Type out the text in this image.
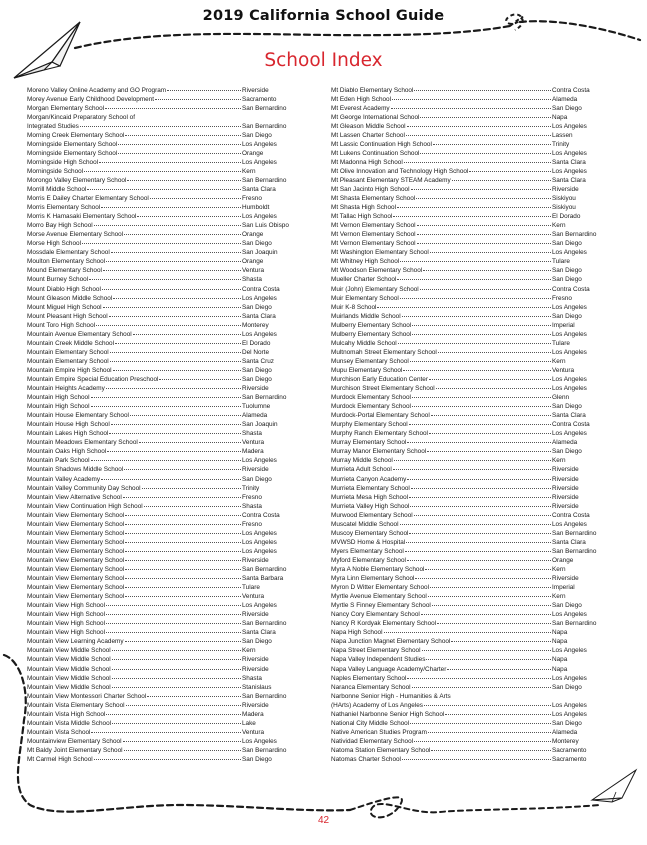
2019 California School Guide
School Index
Moreno Valley Online Academy and GO Program	Riverside
Morey Avenue Early Childhood Development	Sacramento
Morgan Elementary School	San Bernardino
Morgan/Kincaid Preparatory School of
Integrated Studies	San Bernardino
Morning Creek Elementary School	San Diego
Morningside Elementary School	Los Angeles
Morningside Elementary School	Orange
Morningside High School	Los Angeles
Morningside School	Kern
Morongo Valley Elementary School	San Bernardino
Morrill Middle School	Santa Clara
Morris E Dailey Charter Elementary School	Fresno
Morris Elementary School	Humboldt
Morris K Hamasaki Elementary School	Los Angeles
Morro Bay High School	San Luis Obispo
Morse Avenue Elementary School	Orange
Morse High School	San Diego
Mossdale Elementary School	San Joaquin
Moulton Elementary School	Orange
Mound Elementary School	Ventura
Mount Burney School	Shasta
Mount Diablo High School	Contra Costa
Mount Gleason Middle School	Los Angeles
Mount Miguel High School	San Diego
Mount Pleasant High School	Santa Clara
Mount Toro High School	Monterey
Mountain Avenue Elementary School	Los Angeles
Mountain Creek Middle School	El Dorado
Mountain Elementary School	Del Norte
Mountain Elementary School	Santa Cruz
Mountain Empire High School	San Diego
Mountain Empire Special Education Preschool	San Diego
Mountain Heights Academy	Riverside
Mountain High School	San Bernardino
Mountain High School	Tuolumne
Mountain House Elementary School	Alameda
Mountain House High School	San Joaquin
Mountain Lakes High School	Shasta
Mountain Meadows Elementary School	Ventura
Mountain Oaks High School	Madera
Mountain Park School	Los Angeles
Mountain Shadows Middle School	Riverside
Mountain Valley Academy	San Diego
Mountain Valley Community Day School	Trinity
Mountain View Alternative School	Fresno
Mountain View Continuation High School	Shasta
Mountain View Elementary School	Contra Costa
Mountain View Elementary School	Fresno
Mountain View Elementary School	Los Angeles
Mountain View Elementary School	Los Angeles
Mountain View Elementary School	Los Angeles
Mountain View Elementary School	Riverside
Mountain View Elementary School	San Bernardino
Mountain View Elementary School	Santa Barbara
Mountain View Elementary School	Tulare
Mountain View Elementary School	Ventura
Mountain View High School	Los Angeles
Mountain View High School	Riverside
Mountain View High School	San Bernardino
Mountain View High School	Santa Clara
Mountain View Learning Academy	San Diego
Mountain View Middle School	Kern
Mountain View Middle School	Riverside
Mountain View Middle School	Riverside
Mountain View Middle School	Shasta
Mountain View Middle School	Stanislaus
Mountain View Montessori Charter School	San Bernardino
Mountain Vista Elementary School	Riverside
Mountain Vista High School	Madera
Mountain Vista Middle School	Lake
Mountain Vista School	Ventura
Mountainview Elementary School	Los Angeles
Mt Baldy Joint Elementary School	San Bernardino
Mt Carmel High School	San Diego
Mt Diablo Elementary School	Contra Costa
Mt Eden High School	Alameda
Mt Everest Academy	San Diego
Mt George International School	Napa
Mt Gleason Middle School	Los Angeles
Mt Lassen Charter School	Lassen
Mt Lassic Continuation High School	Trinity
Mt Lukens Continuation School	Los Angeles
Mt Madonna High School	Santa Clara
Mt Olive Innovation and Technology High School	Los Angeles
Mt Pleasant Elementary STEAM Academy	Santa Clara
Mt San Jacinto High School	Riverside
Mt Shasta Elementary School	Siskiyou
Mt Shasta High School	Siskiyou
Mt Tallac High School	El Dorado
Mt Vernon Elementary School	Kern
Mt Vernon Elementary School	San Bernardino
Mt Vernon Elementary School	San Diego
Mt Washington Elementary School	Los Angeles
Mt Whitney High School	Tulare
Mt Woodson Elementary School	San Diego
Mueller Charter School	San Diego
Muir (John) Elementary School	Contra Costa
Muir Elementary School	Fresno
Muir K-8 School	Los Angeles
Muirlands Middle School	San Diego
Mulberry Elementary School	Imperial
Mulberry Elementary School	Los Angeles
Mulcahy Middle School	Tulare
Multnomah Street Elementary School	Los Angeles
Munsey Elementary School	Kern
Mupu Elementary School	Ventura
Murchison Early Education Center	Los Angeles
Murchison Street Elementary School	Los Angeles
Murdock Elementary School	Glenn
Murdock Elementary School	San Diego
Murdock-Portal Elementary School	Santa Clara
Murphy Elementary School	Contra Costa
Murphy Ranch Elementary School	Los Angeles
Murray Elementary School	Alameda
Murray Manor Elementary School	San Diego
Murray Middle School	Kern
Murrieta Adult School	Riverside
Murrieta Canyon Academy	Riverside
Murrieta Elementary School	Riverside
Murrieta Mesa High School	Riverside
Murrieta Valley High School	Riverside
Murwood Elementary School	Contra Costa
Muscatel Middle School	Los Angeles
Muscoy Elementary School	San Bernardino
MVWSD Home & Hospital	Santa Clara
Myers Elementary School	San Bernardino
Myford Elementary School	Orange
Myra A Noble Elementary School	Kern
Myra Linn Elementary School	Riverside
Myron D Witter Elementary School	Imperial
Myrtle Avenue Elementary School	Kern
Myrtle S Finney Elementary School	San Diego
Nancy Cory Elementary School	Los Angeles
Nancy R Kordyak Elementary School	San Bernardino
Napa High School	Napa
Napa Junction Magnet Elementary School	Napa
Napa Street Elementary School	Los Angeles
Napa Valley Independent Studies	Napa
Napa Valley Language Academy/Charter	Napa
Naples Elementary School	Los Angeles
Naranca Elementary School	San Diego
Narbonne Senior High - Humanities & Arts
(HArts) Academy of Los Angeles	Los Angeles
Nathaniel Narbonne Senior High School	Los Angeles
National City Middle School	San Diego
Native American Studies Program	Alameda
Natividad Elementary School	Monterey
Natoma Station Elementary School	Sacramento
Natomas Charter School	Sacramento
42
